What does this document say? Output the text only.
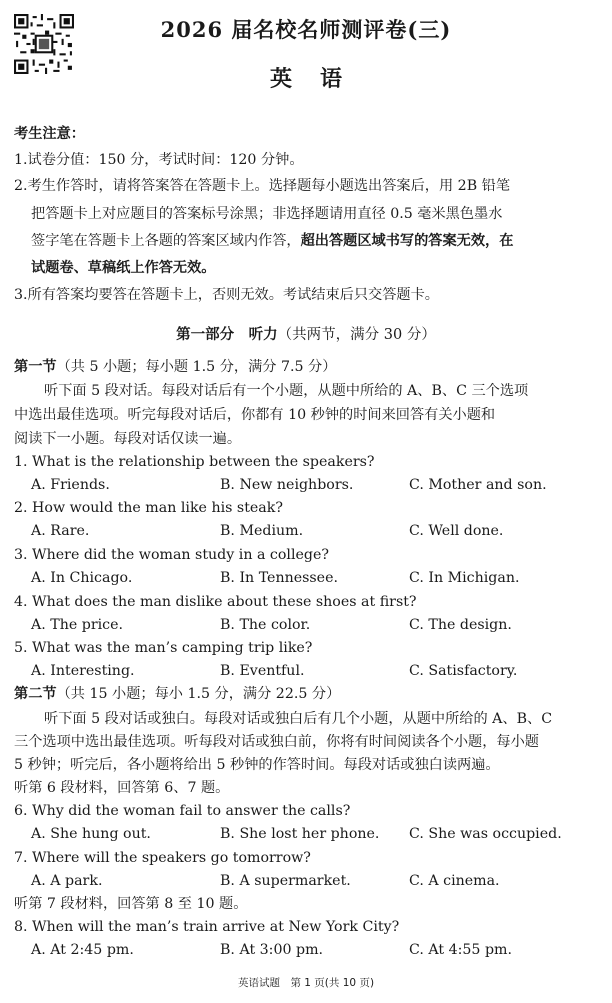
2026 届名校名师测评卷(三)
英语
考生注意：
1.试卷分值：150 分，考试时间：120 分钟。
2.考生作答时，请将答案答在答题卡上。选择题每小题选出答案后，用 2B 铅笔
把答题卡上对应题目的答案标号涂黑；非选择题请用直径 0.5 毫米黑色墨水
签字笔在答题卡上各题的答案区域内作答，超出答题区域书写的答案无效，在
试题卷、草稿纸上作答无效。
3.所有答案均要答在答题卡上，否则无效。考试结束后只交答题卡。
第一部分　听力（共两节，满分 30 分）
第一节（共 5 小题；每小题 1.5 分，满分 7.5 分）
听下面 5 段对话。每段对话后有一个小题，从题中所给的 A、B、C 三个选项
中选出最佳选项。听完每段对话后，你都有 10 秒钟的时间来回答有关小题和
阅读下一小题。每段对话仅读一遍。
1. What is the relationship between the speakers?
A. Friends.	B. New neighbors.	C. Mother and son.
2. How would the man like his steak?
A. Rare.	B. Medium.	C. Well done.
3. Where did the woman study in a college?
A. In Chicago.	B. In Tennessee.	C. In Michigan.
4. What does the man dislike about these shoes at first?
A. The price.	B. The color.	C. The design.
5. What was the man’s camping trip like?
A. Interesting.	B. Eventful.	C. Satisfactory.
第二节（共 15 小题；每小 1.5 分，满分 22.5 分）
听下面 5 段对话或独白。每段对话或独白后有几个小题，从题中所给的 A、B、C
三个选项中选出最佳选项。听每段对话或独白前，你将有时间阅读各个小题，每小题
5 秒钟；听完后，各小题将给出 5 秒钟的作答时间。每段对话或独白读两遍。
听第 6 段材料，回答第 6、7 题。
6. Why did the woman fail to answer the calls?
A. She hung out.	B. She lost her phone. C. She was occupied.
7. Where will the speakers go tomorrow?
A. A park.	B. A supermarket.	C. A cinema.
听第 7 段材料，回答第 8 至 10 题。
8. When will the man’s train arrive at New York City?
A. At 2:45 pm.	B. At 3:00 pm.	C. At 4:55 pm.
英语试题　第 1 页(共 10 页)
